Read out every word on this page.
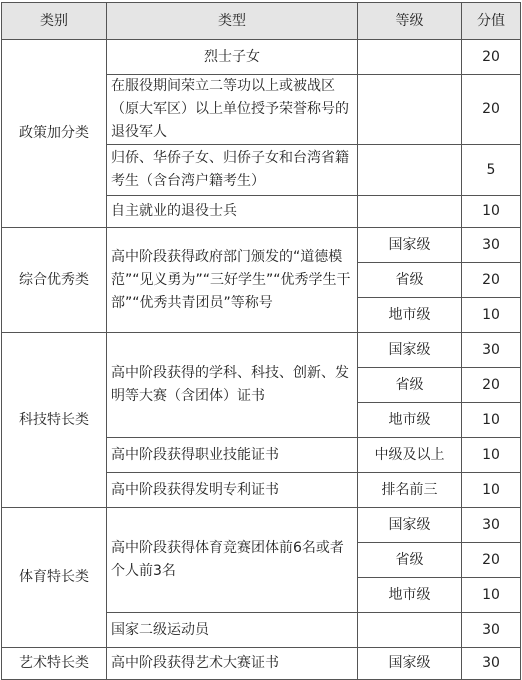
类别	类型	等级	分值
政策加分类	烈士子女		20
	在服役期间荣立二等功以上或被战区（原大军区）以上单位授予荣誉称号的退役军人		20
	归侨、华侨子女、归侨子女和台湾省籍考生（含台湾户籍考生）		5
	自主就业的退役士兵		10
综合优秀类	高中阶段获得政府部门颁发的“道德模范”“见义勇为”“三好学生”“优秀学生干部”“优秀共青团员”等称号	国家级	30
		省级	20
		地市级	10
科技特长类	高中阶段获得的学科、科技、创新、发明等大赛（含团体）证书	国家级	30
		省级	20
		地市级	10
	高中阶段获得职业技能证书	中级及以上	10
	高中阶段获得发明专利证书	排名前三	10
体育特长类	高中阶段获得体育竞赛团体前6名或者个人前3名	国家级	30
		省级	20
		地市级	10
	国家二级运动员		30
艺术特长类	高中阶段获得艺术大赛证书	国家级	30
